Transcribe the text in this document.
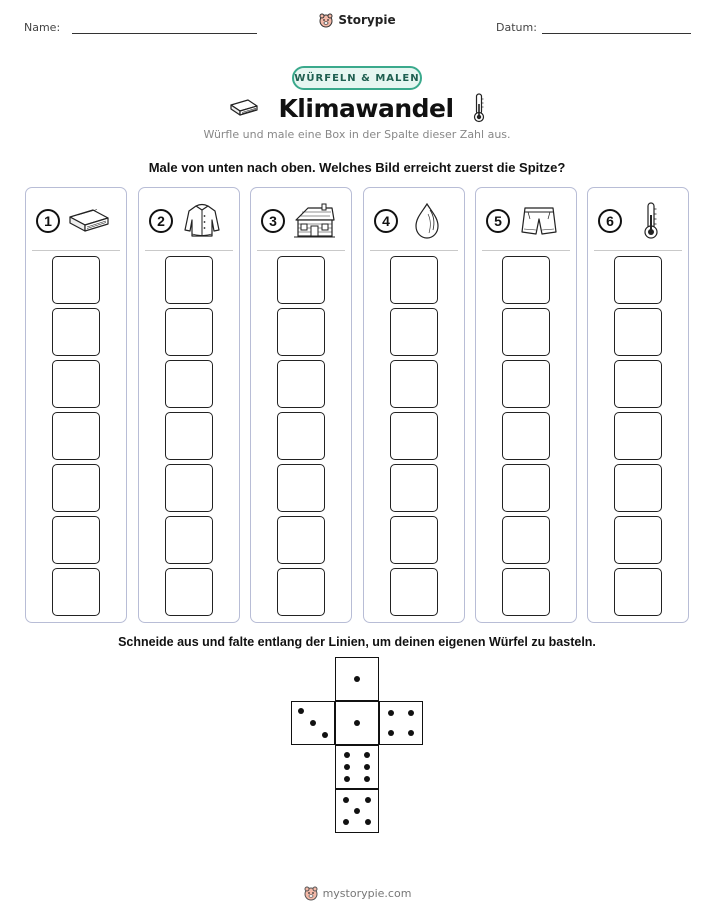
Name:
Storypie
Datum:
WÜRFELN & MALEN
Klimawandel
Würfle und male eine Box in der Spalte dieser Zahl aus.
Male von unten nach oben. Welches Bild erreicht zuerst die Spitze?
1	2	3	4	5	6
Schneide aus und falte entlang der Linien, um deinen eigenen Würfel zu basteln.
mystorypie.com
